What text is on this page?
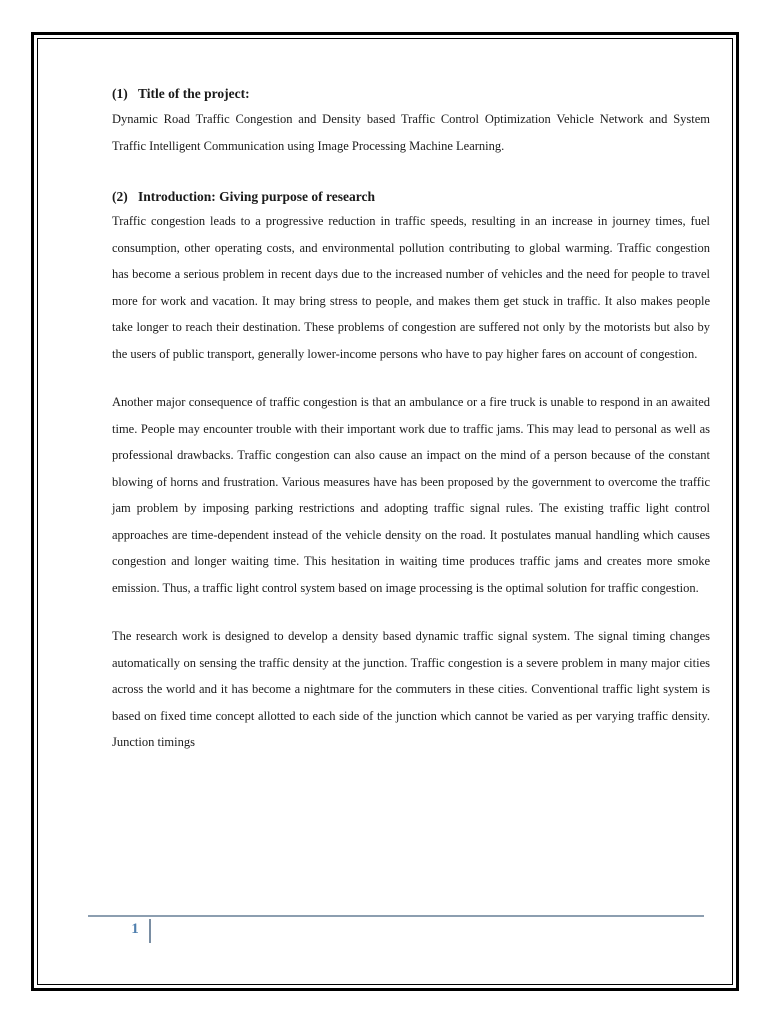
(1) Title of the project:

Dynamic Road Traffic Congestion and Density based Traffic Control Optimization Vehicle Network and System Traffic Intelligent Communication using Image Processing Machine Learning.

(2) Introduction: Giving purpose of research

Traffic congestion leads to a progressive reduction in traffic speeds, resulting in an increase in journey times, fuel consumption, other operating costs, and environmental pollution contributing to global warming. Traffic congestion has become a serious problem in recent days due to the increased number of vehicles and the need for people to travel more for work and vacation. It may bring stress to people, and makes them get stuck in traffic. It also makes people take longer to reach their destination. These problems of congestion are suffered not only by the motorists but also by the users of public transport, generally lower-income persons who have to pay higher fares on account of congestion.

Another major consequence of traffic congestion is that an ambulance or a fire truck is unable to respond in an awaited time. People may encounter trouble with their important work due to traffic jams. This may lead to personal as well as professional drawbacks. Traffic congestion can also cause an impact on the mind of a person because of the constant blowing of horns and frustration. Various measures have has been proposed by the government to overcome the traffic jam problem by imposing parking restrictions and adopting traffic signal rules. The existing traffic light control approaches are time-dependent instead of the vehicle density on the road. It postulates manual handling which causes congestion and longer waiting time. This hesitation in waiting time produces traffic jams and creates more smoke emission. Thus, a traffic light control system based on image processing is the optimal solution for traffic congestion.

The research work is designed to develop a density based dynamic traffic signal system. The signal timing changes automatically on sensing the traffic density at the junction. Traffic congestion is a severe problem in many major cities across the world and it has become a nightmare for the commuters in these cities. Conventional traffic light system is based on fixed time concept allotted to each side of the junction which cannot be varied as per varying traffic density. Junction timings

1
